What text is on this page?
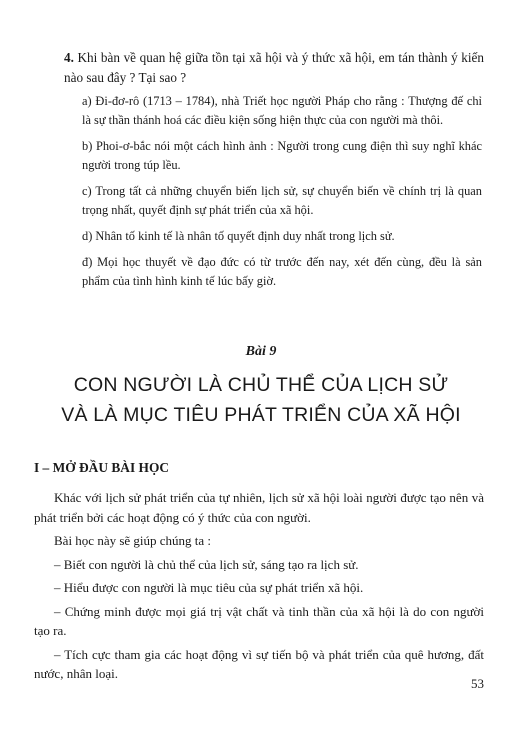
4. Khi bàn về quan hệ giữa tồn tại xã hội và ý thức xã hội, em tán thành ý kiến nào sau đây ? Tại sao ?

a) Đi-đơ-rô (1713 – 1784), nhà Triết học người Pháp cho rằng : Thượng đế chỉ là sự thần thánh hoá các điều kiện sống hiện thực của con người mà thôi.

b) Phoi-ơ-bắc nói một cách hình ảnh : Người trong cung điện thì suy nghĩ khác người trong túp lều.

c) Trong tất cả những chuyển biến lịch sử, sự chuyển biến về chính trị là quan trọng nhất, quyết định sự phát triển của xã hội.

d) Nhân tố kinh tế là nhân tố quyết định duy nhất trong lịch sử.

đ) Mọi học thuyết về đạo đức có từ trước đến nay, xét đến cùng, đều là sản phẩm của tình hình kinh tế lúc bấy giờ.

Bài 9
CON NGƯỜI LÀ CHỦ THỂ CỦA LỊCH SỬ
VÀ LÀ MỤC TIÊU PHÁT TRIỂN CỦA XÃ HỘI
I – MỞ ĐẦU BÀI HỌC

Khác với lịch sử phát triển của tự nhiên, lịch sử xã hội loài người được tạo nên và phát triển bởi các hoạt động có ý thức của con người.

Bài học này sẽ giúp chúng ta :

– Biết con người là chủ thể của lịch sử, sáng tạo ra lịch sử.

– Hiểu được con người là mục tiêu của sự phát triển xã hội.

– Chứng minh được mọi giá trị vật chất và tinh thần của xã hội là do con người tạo ra.

– Tích cực tham gia các hoạt động vì sự tiến bộ và phát triển của quê hương, đất nước, nhân loại.

53
